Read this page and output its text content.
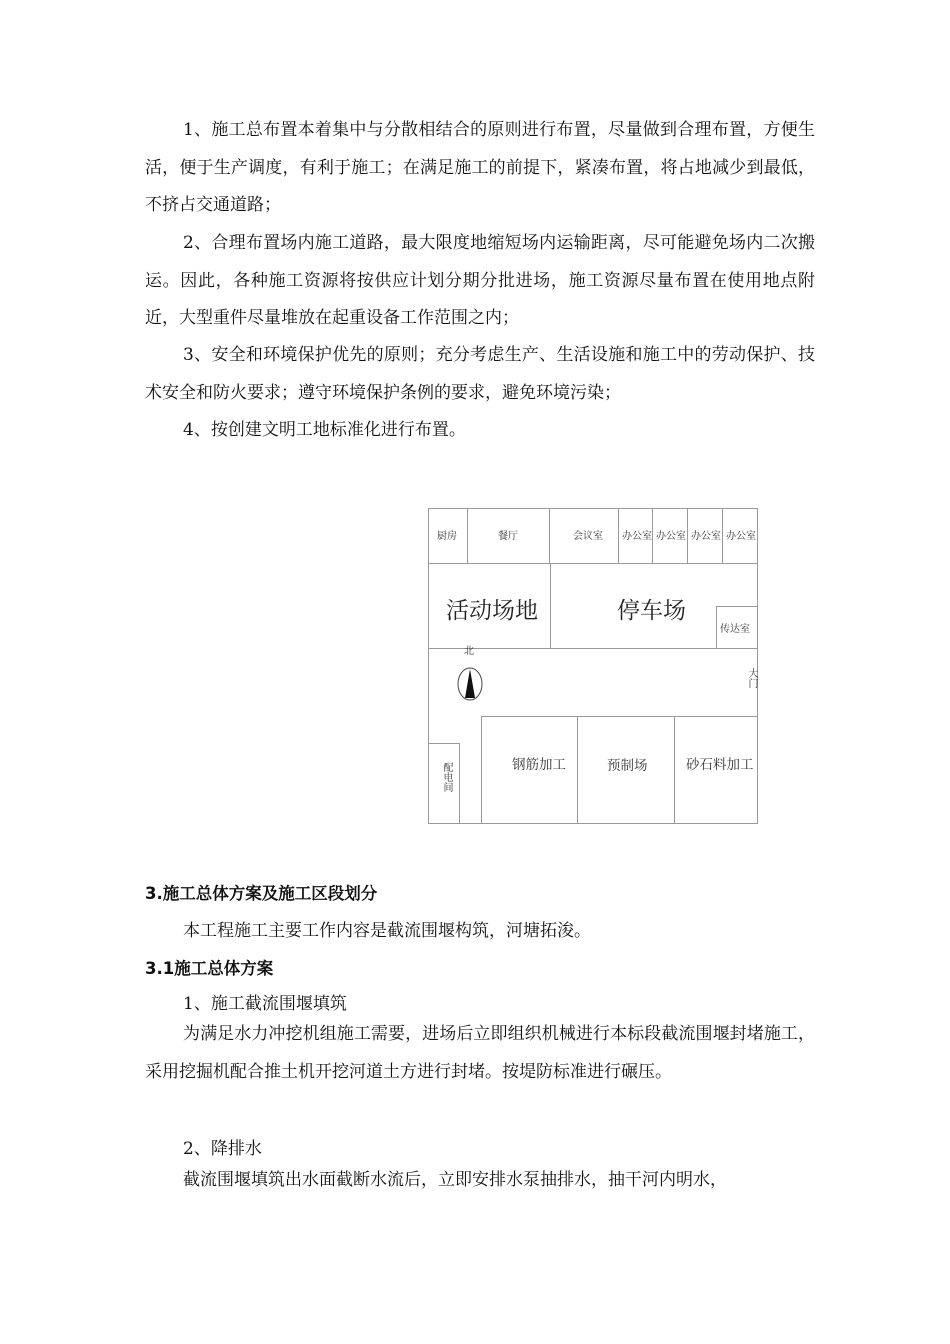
1、施工总布置本着集中与分散相结合的原则进行布置，尽量做到合理布置，方便生活，便于生产调度，有利于施工；在满足施工的前提下，紧凑布置，将占地减少到最低，不挤占交通道路；

2、合理布置场内施工道路，最大限度地缩短场内运输距离，尽可能避免场内二次搬运。因此，各种施工资源将按供应计划分期分批进场，施工资源尽量布置在使用地点附近，大型重件尽量堆放在起重设备工作范围之内；

3、安全和环境保护优先的原则；充分考虑生产、生活设施和施工中的劳动保护、技术安全和防火要求；遵守环境保护条例的要求，避免环境污染；

4、按创建文明工地标准化进行布置。

厨房	餐厅	会议室 办公室 办公室 办公室 办公室
活动场地	停车场
传达室
大门
北
配电间	钢筋加工	预制场	砂石料加工

3.施工总体方案及施工区段划分

本工程施工主要工作内容是截流围堰构筑，河塘拓浚。

3.1施工总体方案

1、施工截流围堰填筑

为满足水力冲挖机组施工需要，进场后立即组织机械进行本标段截流围堰封堵施工，采用挖掘机配合推土机开挖河道土方进行封堵。按堤防标准进行碾压。

2、降排水

截流围堰填筑出水面截断水流后，立即安排水泵抽排水，抽干河内明水，
